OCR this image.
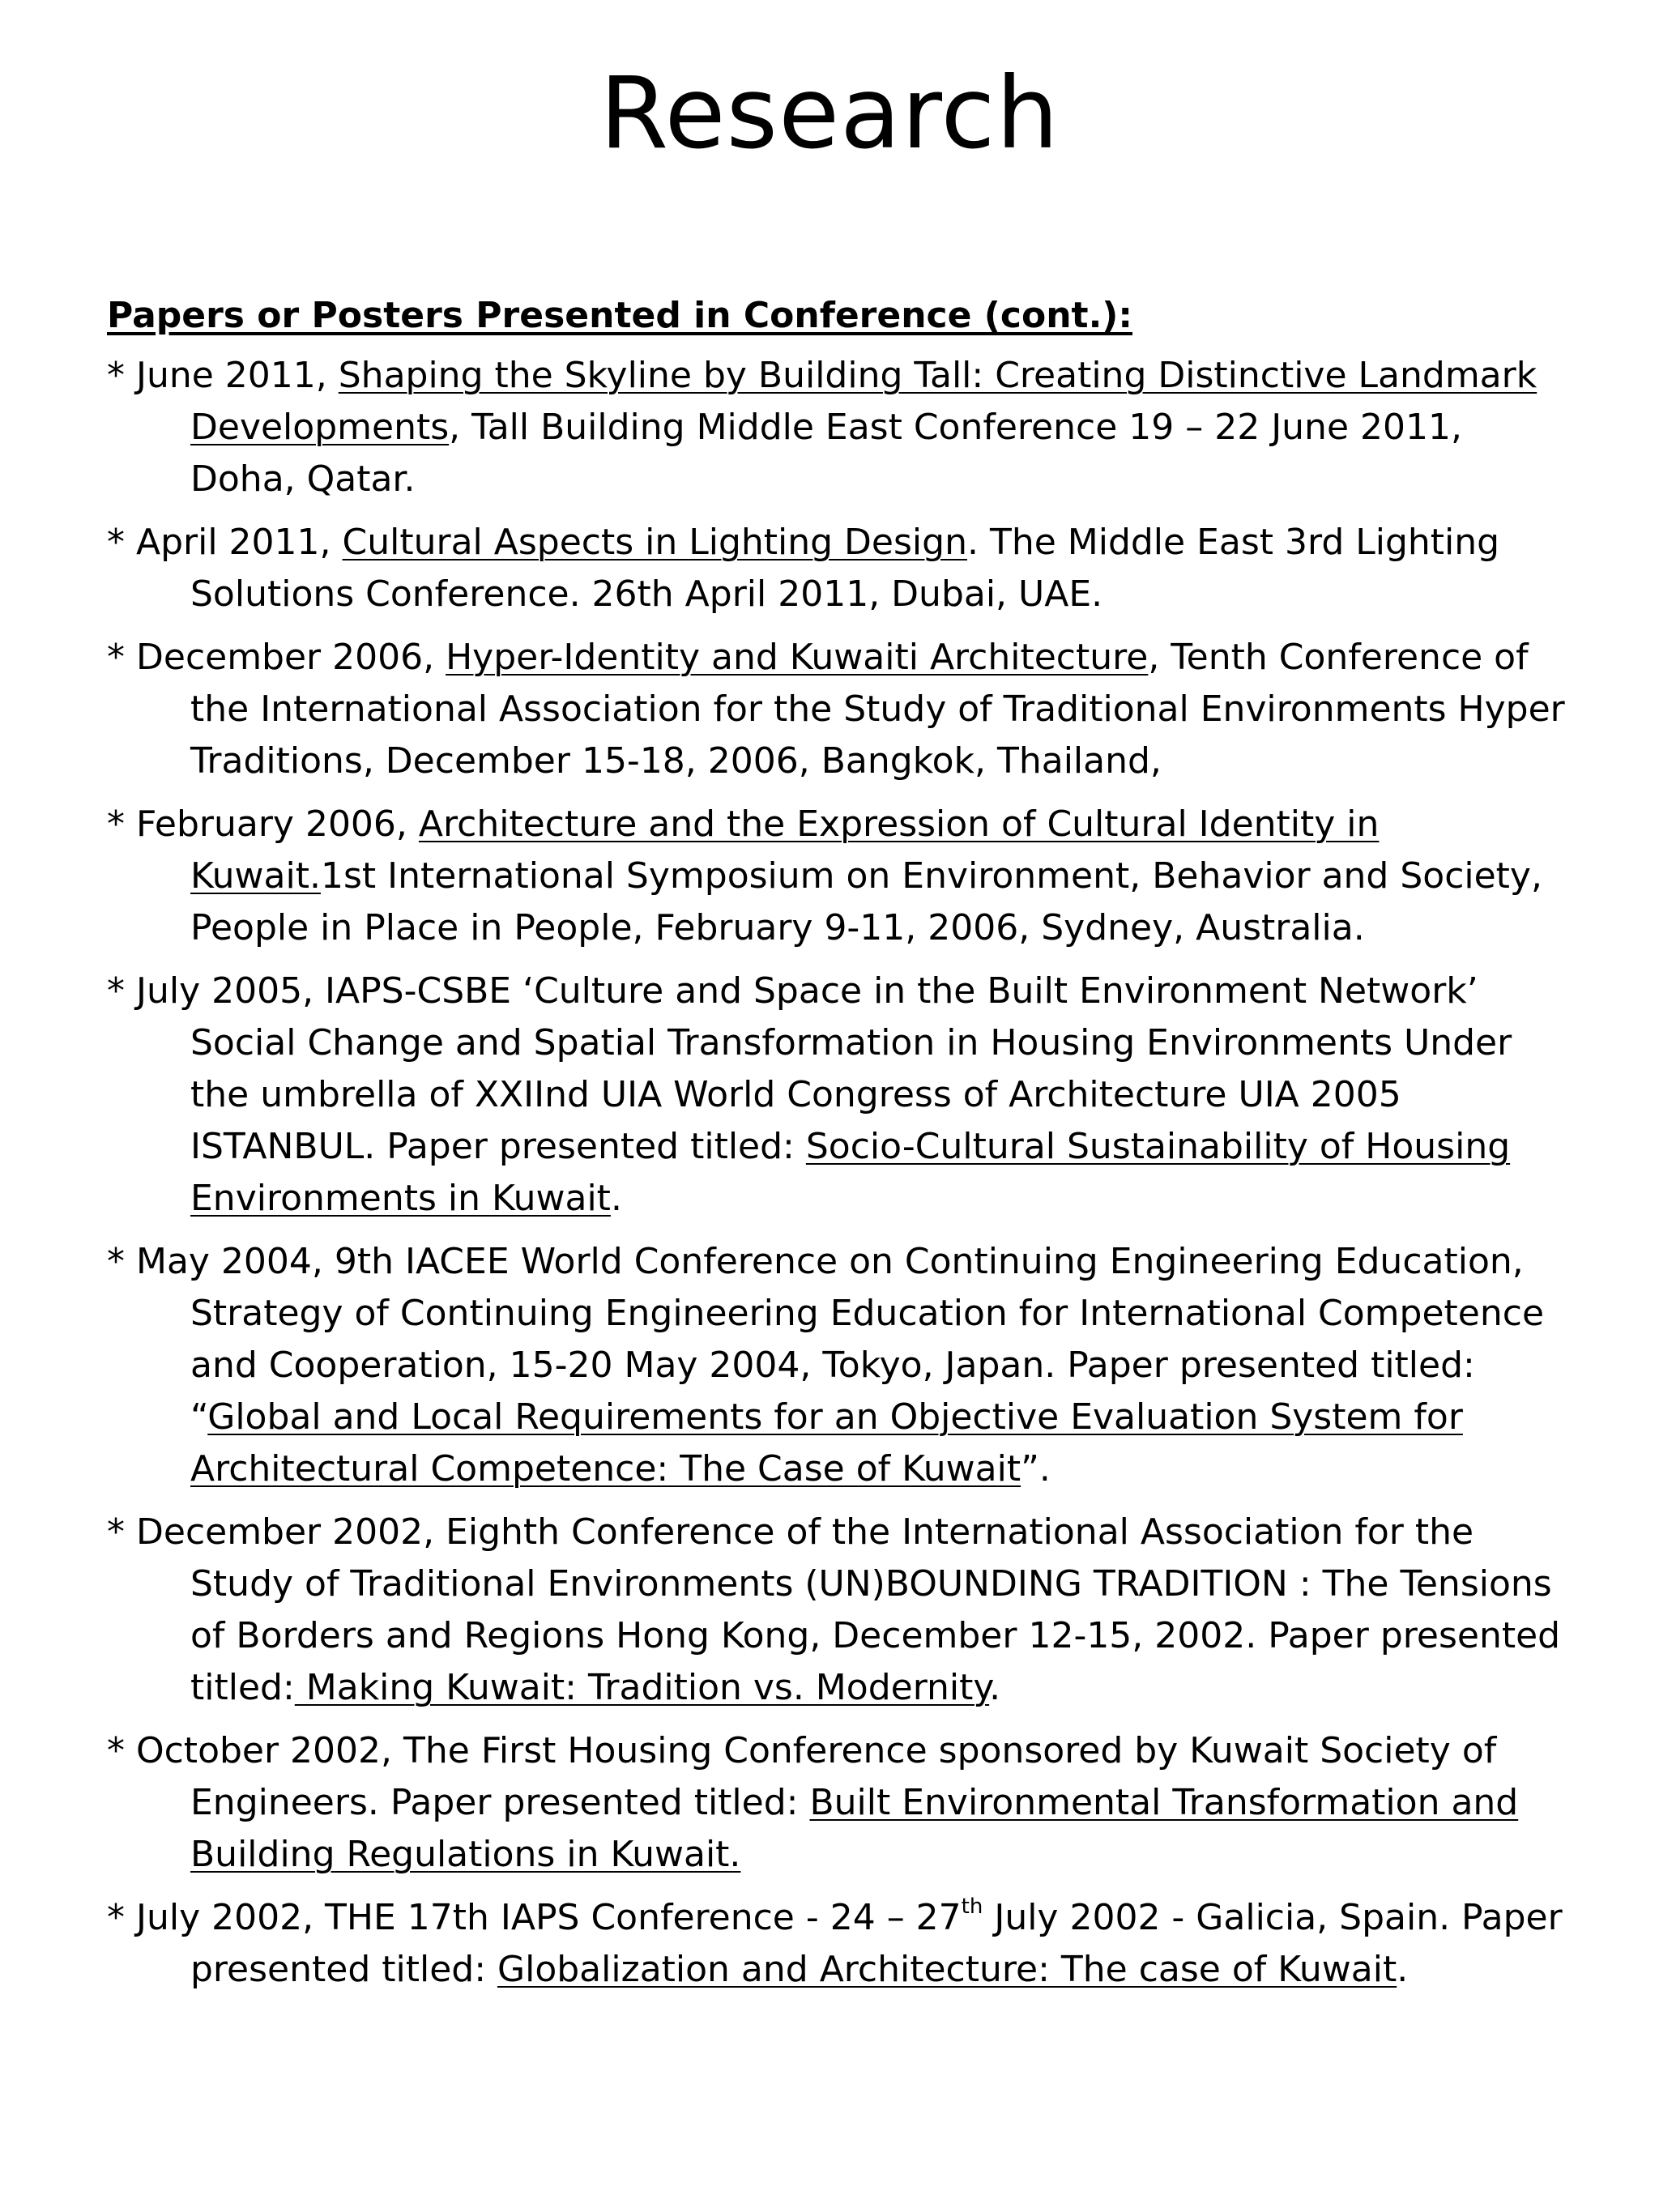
Research

Papers or Posters Presented in Conference (cont.):

* June 2011, Shaping the Skyline by Building Tall: Creating Distinctive Landmark Developments, Tall Building Middle East Conference 19 – 22 June 2011, Doha, Qatar.

* April 2011, Cultural Aspects in Lighting Design. The Middle East 3rd Lighting Solutions Conference. 26th April 2011, Dubai, UAE.

* December 2006, Hyper-Identity and Kuwaiti Architecture, Tenth Conference of the International Association for the Study of Traditional Environments Hyper Traditions, December 15-18, 2006, Bangkok, Thailand,

* February 2006, Architecture and the Expression of Cultural Identity in Kuwait.1st International Symposium on Environment, Behavior and Society, People in Place in People, February 9-11, 2006, Sydney, Australia.

* July 2005, IAPS-CSBE ‘Culture and Space in the Built Environment Network’ Social Change and Spatial Transformation in Housing Environments Under the umbrella of XXIInd UIA World Congress of Architecture UIA 2005 ISTANBUL. Paper presented titled: Socio-Cultural Sustainability of Housing Environments in Kuwait.

* May 2004, 9th IACEE World Conference on Continuing Engineering Education, Strategy of Continuing Engineering Education for International Competence and Cooperation, 15-20 May 2004, Tokyo, Japan. Paper presented titled: “Global and Local Requirements for an Objective Evaluation System for Architectural Competence: The Case of Kuwait”.

* December 2002, Eighth Conference of the International Association for the Study of Traditional Environments (UN)BOUNDING TRADITION : The Tensions of Borders and Regions Hong Kong, December 12-15, 2002. Paper presented titled: Making Kuwait: Tradition vs. Modernity.

* October 2002, The First Housing Conference sponsored by Kuwait Society of Engineers. Paper presented titled: Built Environmental Transformation and Building Regulations in Kuwait.

* July 2002, THE 17th IAPS Conference - 24 – 27th July 2002 - Galicia, Spain. Paper presented titled: Globalization and Architecture: The case of Kuwait.
